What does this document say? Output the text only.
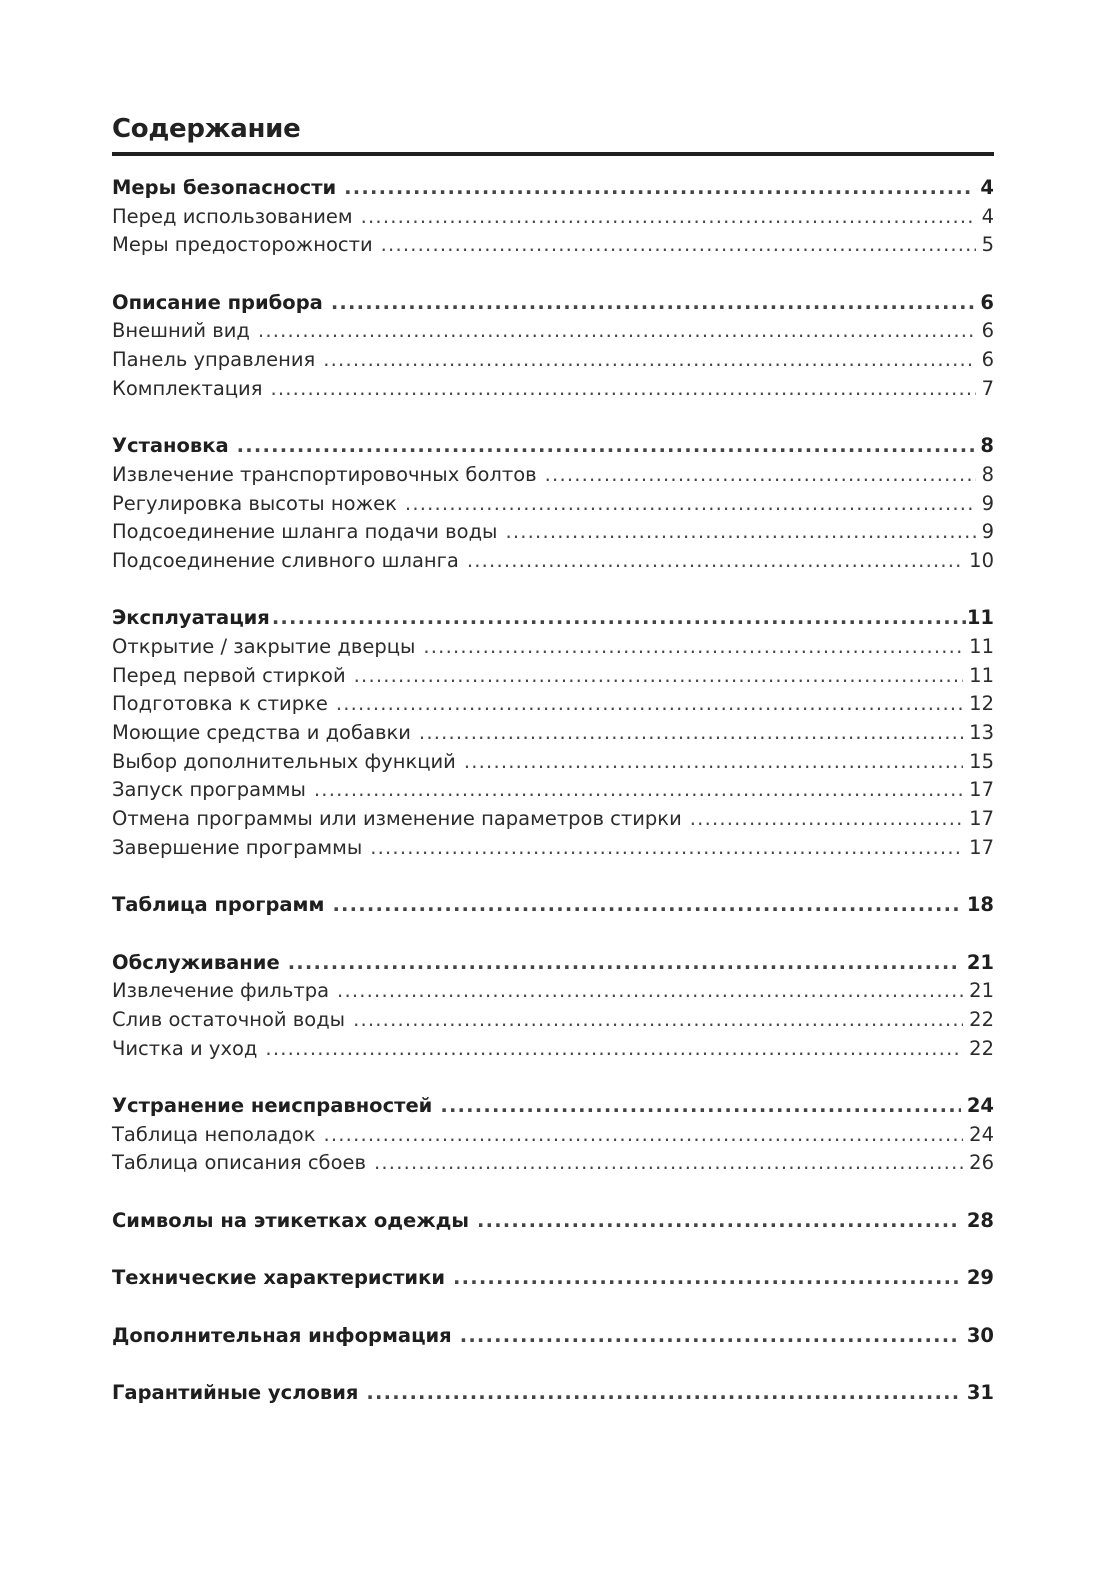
Содержание
Меры безопасности .....	4
Перед использованием .....	4
Меры предосторожности .....	5
Описание прибора .....	6
Внешний вид .....	6
Панель управления .....	6
Комплектация .....	7
Установка .....	8
Извлечение транспортировочных болтов .....	8
Регулировка высоты ножек .....	9
Подсоединение шланга подачи воды .....	9
Подсоединение сливного шланга .....	10
Эксплуатация .....	11
Открытие / закрытие дверцы .....	11
Перед первой стиркой .....	11
Подготовка к стирке .....	12
Моющие средства и добавки .....	13
Выбор дополнительных функций .....	15
Запуск программы .....	17
Отмена программы или изменение параметров стирки .....	17
Завершение программы .....	17
Таблица программ .....	18
Обслуживание .....	21
Извлечение фильтра .....	21
Слив остаточной воды .....	22
Чистка и уход .....	22
Устранение неисправностей .....	24
Таблица неполадок .....	24
Таблица описания сбоев .....	26
Символы на этикетках одежды .....	28
Технические характеристики .....	29
Дополнительная информация .....	30
Гарантийные условия .....	31
